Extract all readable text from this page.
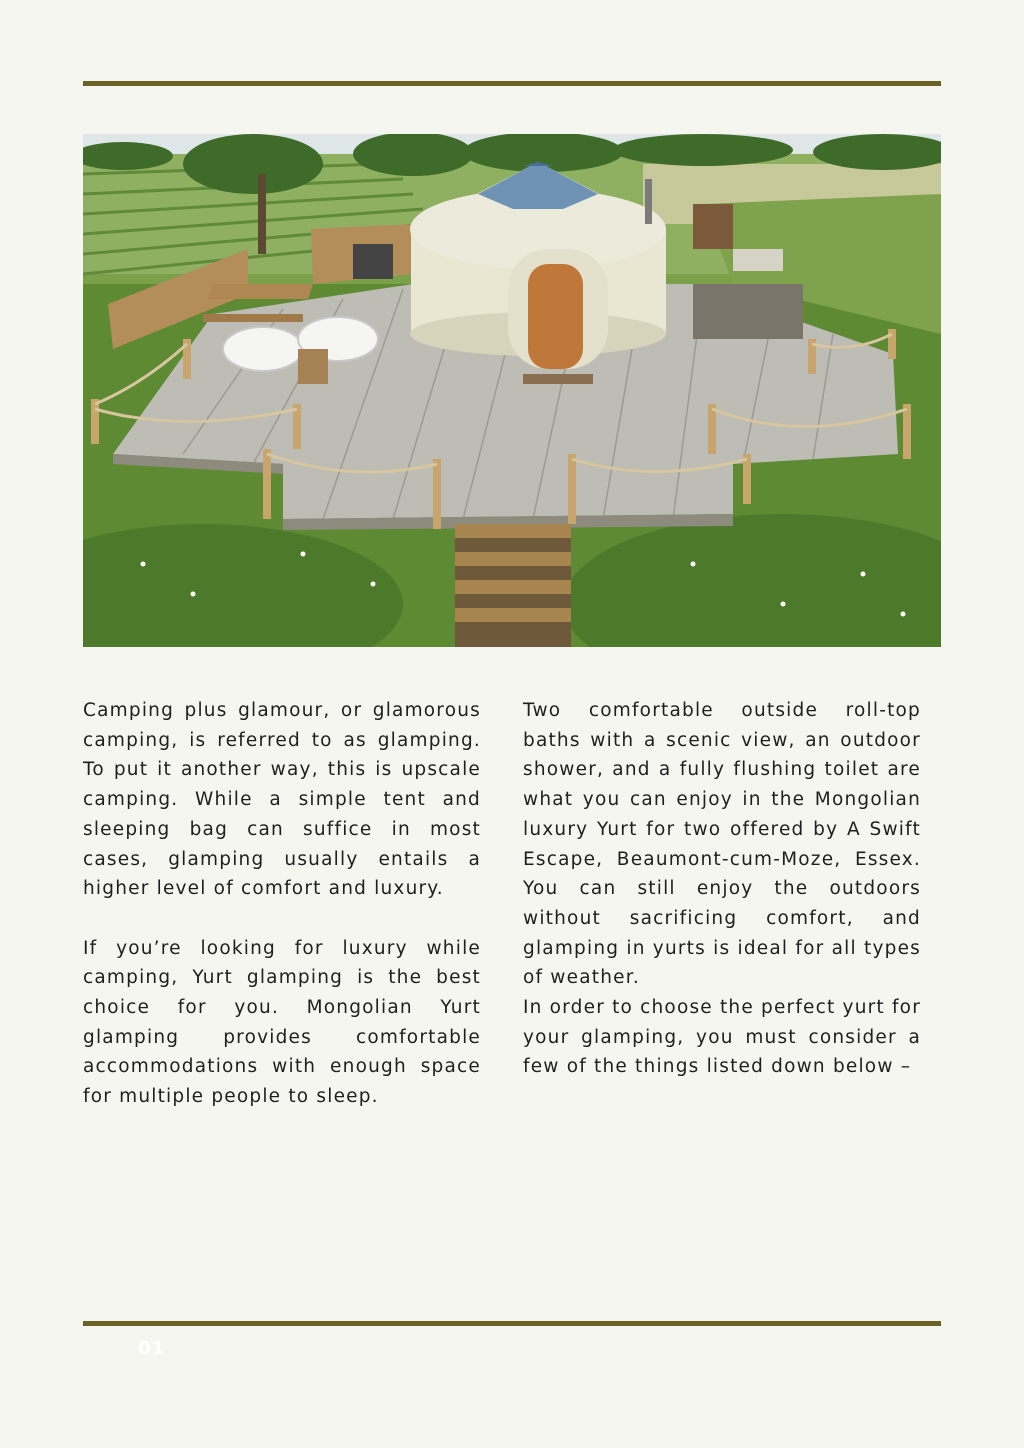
Camping plus glamour, or glamorous camping, is referred to as glamping. To put it another way, this is upscale camping. While a simple tent and sleeping bag can suffice in most cases, glamping usually entails a higher level of comfort and luxury.

If you’re looking for luxury while camping, Yurt glamping is the best choice for you. Mongolian Yurt glamping provides comfortable accommodations with enough space for multiple people to sleep.

Two comfortable outside roll-top baths with a scenic view, an outdoor shower, and a fully flushing toilet are what you can enjoy in the Mongolian luxury Yurt for two offered by A Swift Escape, Beaumont-cum-Moze, Essex. You can still enjoy the outdoors without sacrificing comfort, and glamping in yurts is ideal for all types of weather.

In order to choose the perfect yurt for your glamping, you must consider a few of the things listed down below –

01
